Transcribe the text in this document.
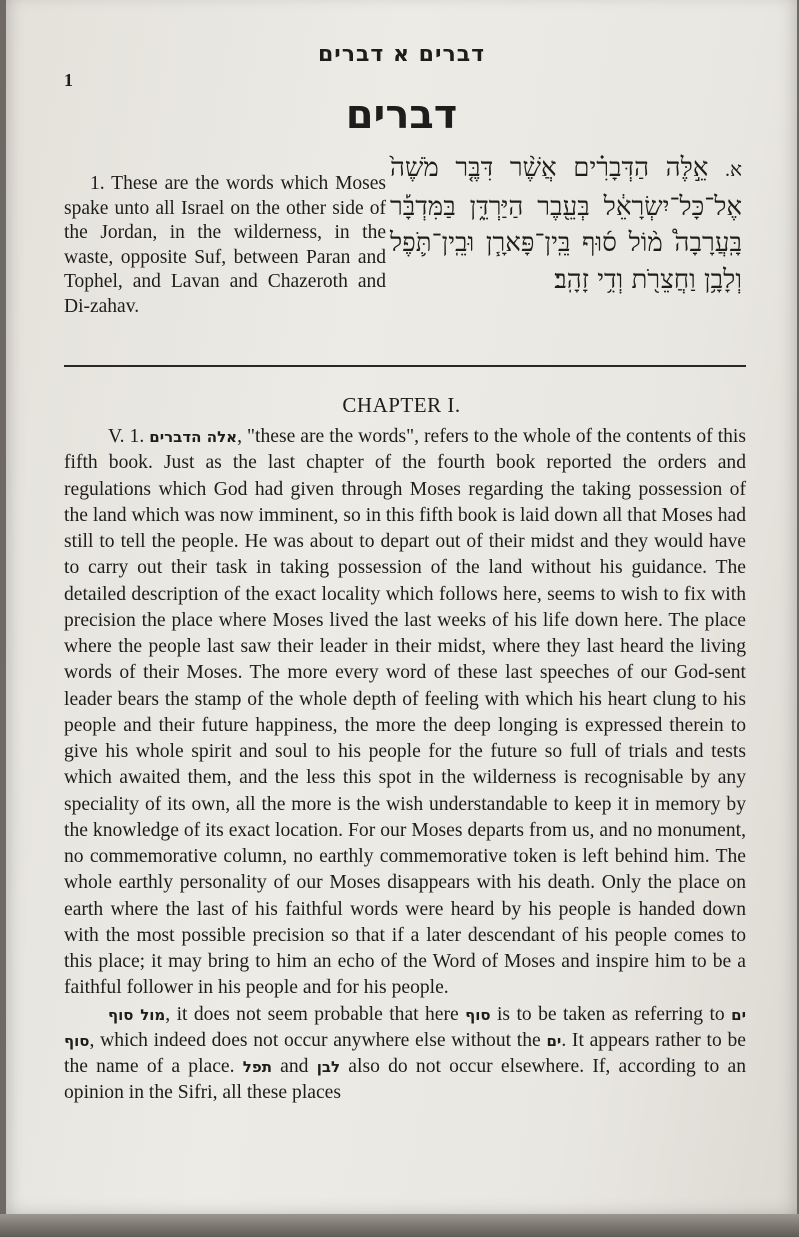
דברים א דברים
1
דברים
1. These are the words which Moses spake unto all Israel on the other side of the Jordan, in the wilderness, in the waste, opposite Suf, between Paran and Tophel, and Lavan and Chazeroth and Di-zahav.
א. אֵ֣לֶּה הַדְּבָרִ֗ים אֲשֶׁ֨ר דִּבֶּ֤ר מֹשֶׁה֙ אֶל־כָּל־יִשְׂרָאֵ֔ל בְּעֵ֖בֶר הַיַּרְדֵּ֑ן בַּמִּדְבָּ֡ר בָּֽעֲרָבָה֩ מ֨וֹל ס֜וּף בֵּֽין־פָּארָ֧ן וּבֵֽין־תֹּ֛פֶל וְלָבָ֥ן וַחֲצֵרֹ֖ת וְדִ֥י זָהָֽב׃
CHAPTER I.

V. 1. אלה הדברים, "these are the words", refers to the whole of the contents of this fifth book. Just as the last chapter of the fourth book reported the orders and regulations which God had given through Moses regarding the taking possession of the land which was now imminent, so in this fifth book is laid down all that Moses had still to tell the people. He was about to depart out of their midst and they would have to carry out their task in taking possession of the land without his guidance. The detailed description of the exact locality which follows here, seems to wish to fix with precision the place where Moses lived the last weeks of his life down here. The place where the people last saw their leader in their midst, where they last heard the living words of their Moses. The more every word of these last speeches of our God-sent leader bears the stamp of the whole depth of feeling with which his heart clung to his people and their future happiness, the more the deep longing is expressed therein to give his whole spirit and soul to his people for the future so full of trials and tests which awaited them, and the less this spot in the wilderness is recognisable by any speciality of its own, all the more is the wish understandable to keep it in memory by the knowledge of its exact location. For our Moses departs from us, and no monument, no commemorative column, no earthly commemorative token is left behind him. The whole earthly personality of our Moses disappears with his death. Only the place on earth where the last of his faithful words were heard by his people is handed down with the most possible precision so that if a later descendant of his people comes to this place; it may bring to him an echo of the Word of Moses and inspire him to be a faithful follower in his people and for his people.

מול סוף, it does not seem probable that here סוף is to be taken as referring to ים סוף, which indeed does not occur anywhere else without the ים. It appears rather to be the name of a place. תפל and לבן also do not occur elsewhere. If, according to an opinion in the Sifri, all these places
